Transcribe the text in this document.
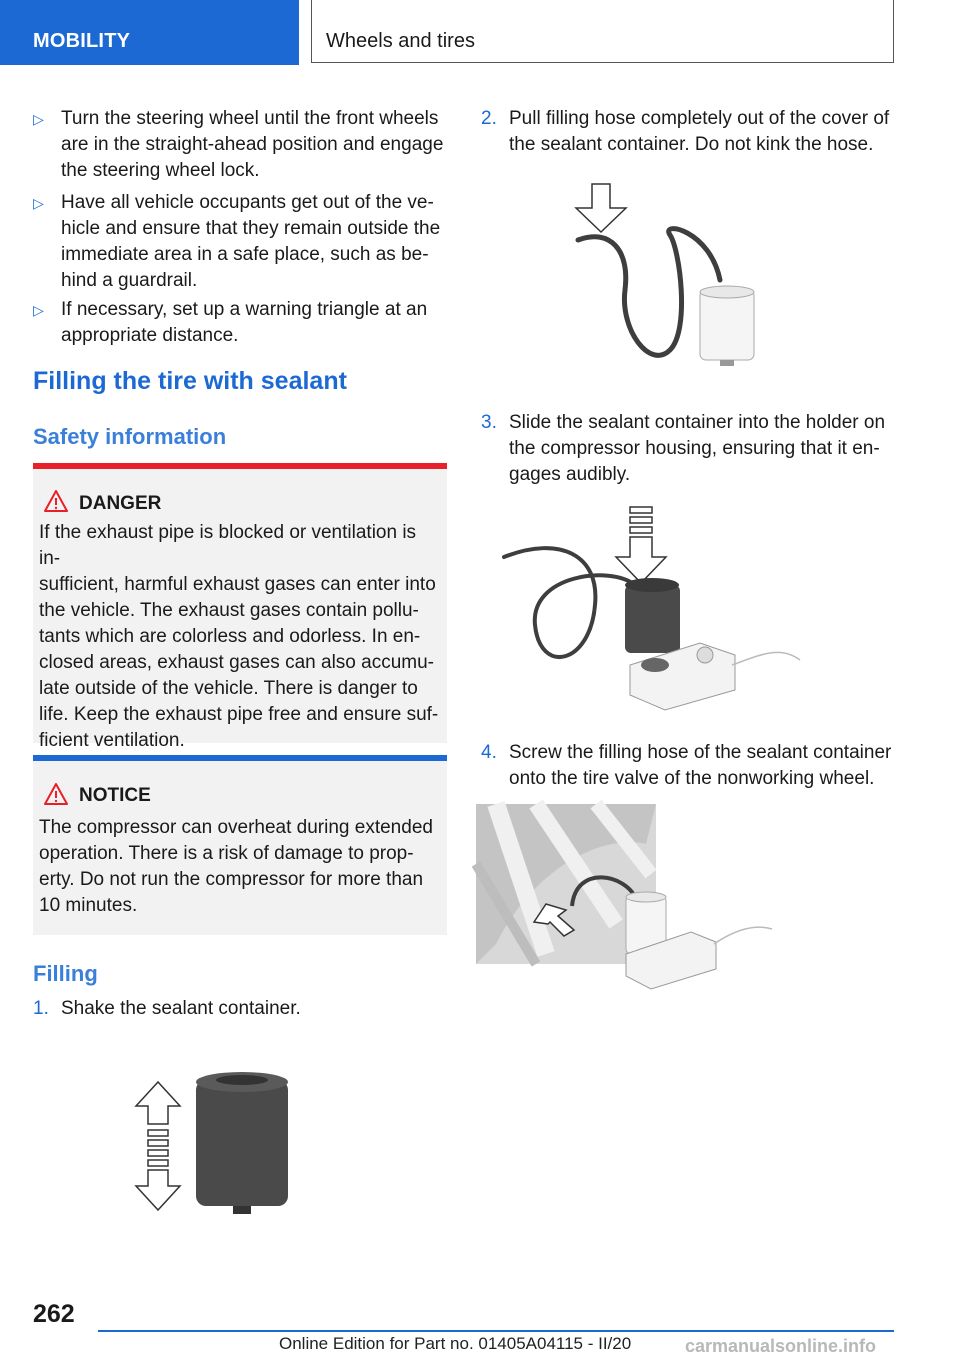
MOBILITY	Wheels and tires
▷ Turn the steering wheel until the front wheels
are in the straight-ahead position and engage
the steering wheel lock.
▷ Have all vehicle occupants get out of the ve-
hicle and ensure that they remain outside the
immediate area in a safe place, such as be-
hind a guardrail.
▷ If necessary, set up a warning triangle at an
appropriate distance.
Filling the tire with sealant
Safety information
DANGER
If the exhaust pipe is blocked or ventilation is in-
sufficient, harmful exhaust gases can enter into
the vehicle. The exhaust gases contain pollu-
tants which are colorless and odorless. In en-
closed areas, exhaust gases can also accumu-
late outside of the vehicle. There is danger to
life. Keep the exhaust pipe free and ensure suf-
ficient ventilation.
NOTICE
The compressor can overheat during extended
operation. There is a risk of damage to prop-
erty. Do not run the compressor for more than
10 minutes.
Filling
1. Shake the sealant container.
2. Pull filling hose completely out of the cover of
the sealant container. Do not kink the hose.
3. Slide the sealant container into the holder on
the compressor housing, ensuring that it en-
gages audibly.
4. Screw the filling hose of the sealant container
onto the tire valve of the nonworking wheel.
262
Online Edition for Part no. 01405A04115 - II/20	carmanualsonline.info
